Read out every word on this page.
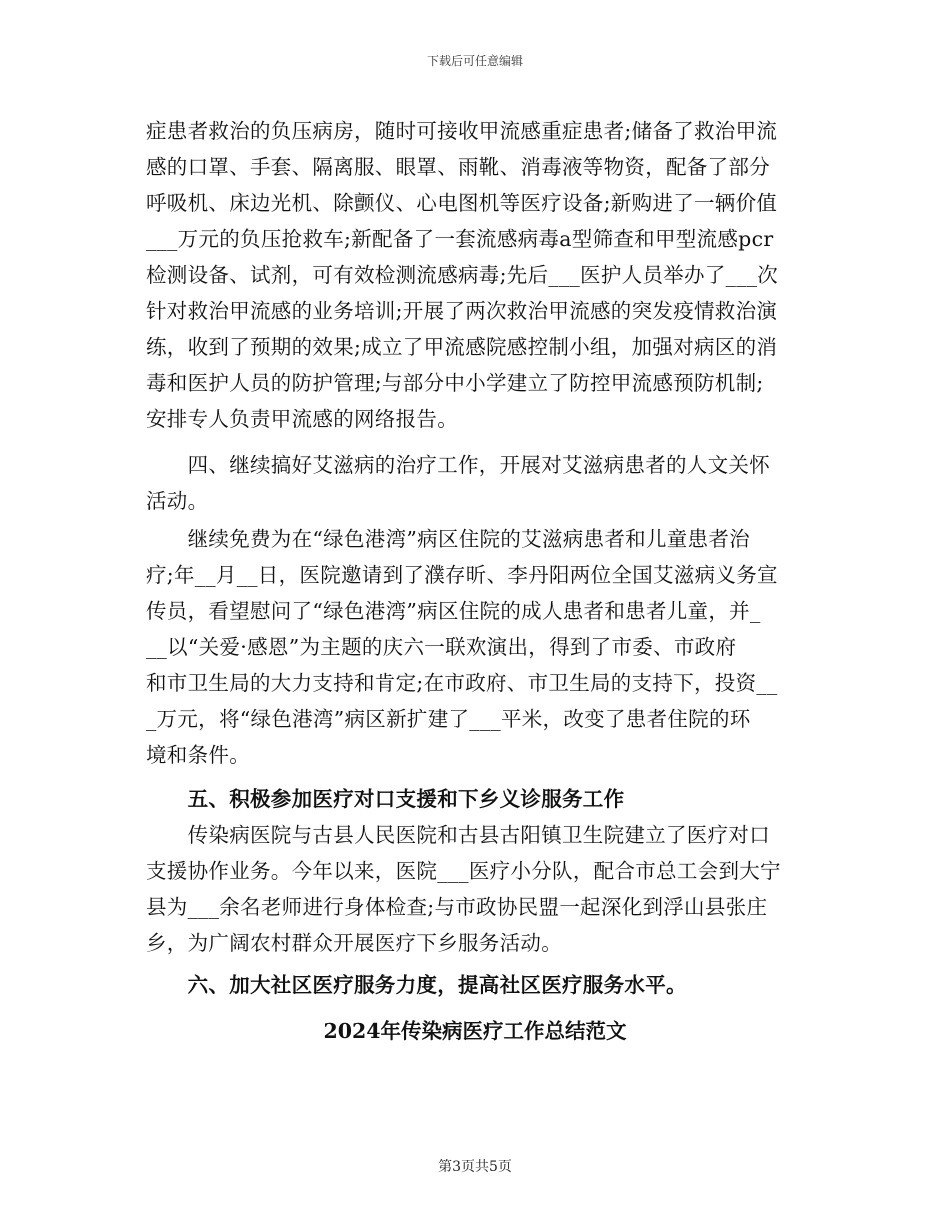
下载后可任意编辑
症患者救治的负压病房，随时可接收甲流感重症患者;储备了救治甲流
感的口罩、手套、隔离服、眼罩、雨靴、消毒液等物资，配备了部分
呼吸机、床边光机、除颤仪、心电图机等医疗设备;新购进了一辆价值
___万元的负压抢救车;新配备了一套流感病毒a型筛查和甲型流感pcr
检测设备、试剂，可有效检测流感病毒;先后___医护人员举办了___次
针对救治甲流感的业务培训;开展了两次救治甲流感的突发疫情救治演
练，收到了预期的效果;成立了甲流感院感控制小组，加强对病区的消
毒和医护人员的防护管理;与部分中小学建立了防控甲流感预防机制;
安排专人负责甲流感的网络报告。
　　四、继续搞好艾滋病的治疗工作，开展对艾滋病患者的人文关怀
活动。
　　继续免费为在“绿色港湾”病区住院的艾滋病患者和儿童患者治
疗;年__月__日，医院邀请到了濮存昕、李丹阳两位全国艾滋病义务宣
传员，看望慰问了“绿色港湾”病区住院的成人患者和患者儿童，并_
__以“关爱·感恩”为主题的庆六一联欢演出，得到了市委、市政府
和市卫生局的大力支持和肯定;在市政府、市卫生局的支持下，投资__
_万元，将“绿色港湾”病区新扩建了___平米，改变了患者住院的环
境和条件。
　　五、积极参加医疗对口支援和下乡义诊服务工作
　　传染病医院与古县人民医院和古县古阳镇卫生院建立了医疗对口
支援协作业务。今年以来，医院___医疗小分队，配合市总工会到大宁
县为___余名老师进行身体检查;与市政协民盟一起深化到浮山县张庄
乡，为广阔农村群众开展医疗下乡服务活动。
　　六、加大社区医疗服务力度，提高社区医疗服务水平。
2024年传染病医疗工作总结范文
第3页共5页
